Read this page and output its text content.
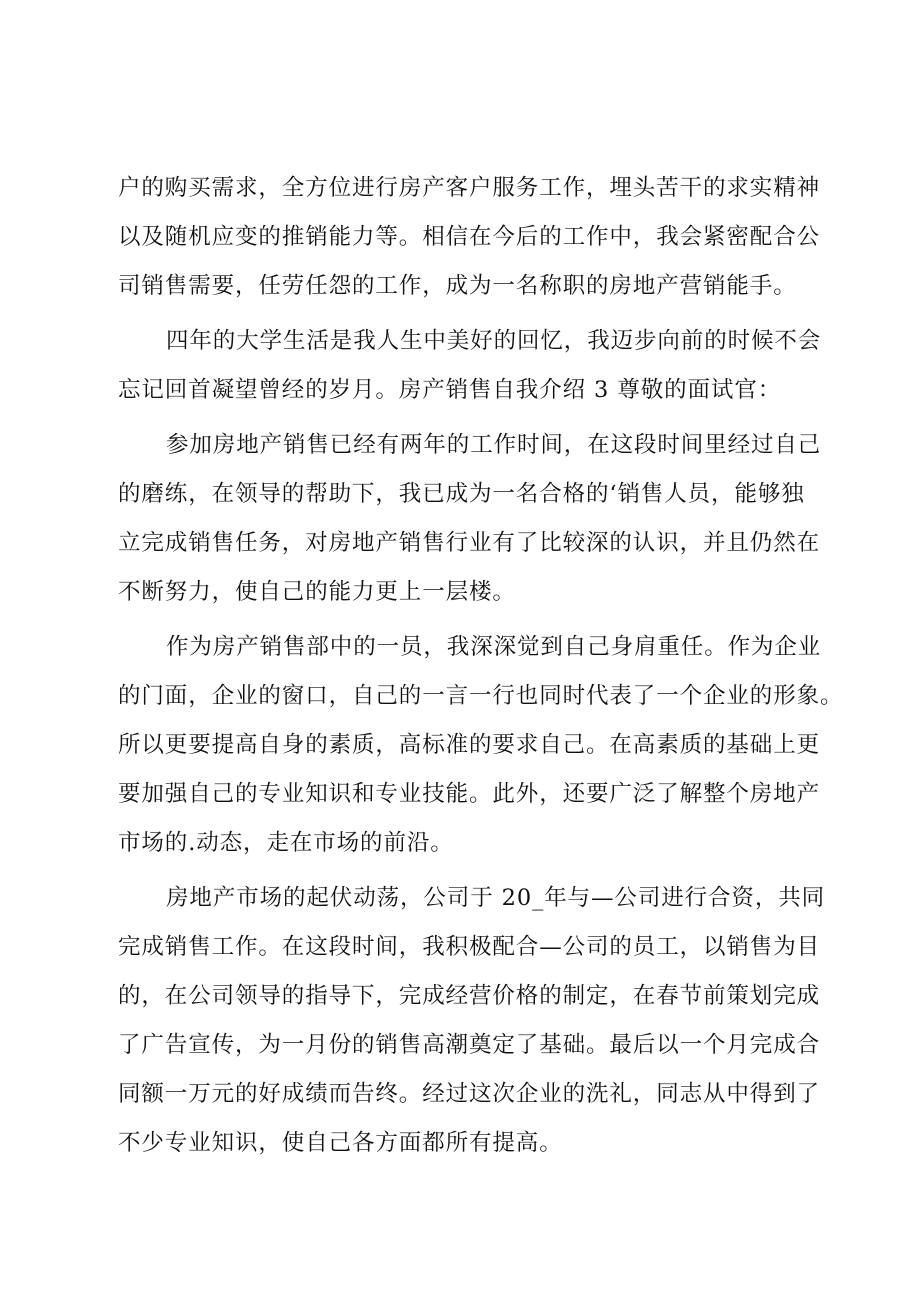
户的购买需求，全方位进行房产客户服务工作，埋头苦干的求实精神
以及随机应变的推销能力等。相信在今后的工作中，我会紧密配合公
司销售需要，任劳任怨的工作，成为一名称职的房地产营销能手。
四年的大学生活是我人生中美好的回忆，我迈步向前的时候不会
忘记回首凝望曾经的岁月。房产销售自我介绍 3 尊敬的面试官：
参加房地产销售已经有两年的工作时间，在这段时间里经过自己
的磨练，在领导的帮助下，我已成为一名合格的‘销售人员，能够独
立完成销售任务，对房地产销售行业有了比较深的认识，并且仍然在
不断努力，使自己的能力更上一层楼。
作为房产销售部中的一员，我深深觉到自己身肩重任。作为企业
的门面，企业的窗口，自己的一言一行也同时代表了一个企业的形象。
所以更要提高自身的素质，高标准的要求自己。在高素质的基础上更
要加强自己的专业知识和专业技能。此外，还要广泛了解整个房地产
市场的.动态，走在市场的前沿。
房地产市场的起伏动荡，公司于 20_年与—公司进行合资，共同
完成销售工作。在这段时间，我积极配合—公司的员工，以销售为目
的，在公司领导的指导下，完成经营价格的制定，在春节前策划完成
了广告宣传，为一月份的销售高潮奠定了基础。最后以一个月完成合
同额一万元的好成绩而告终。经过这次企业的洗礼，同志从中得到了
不少专业知识，使自己各方面都所有提高。
